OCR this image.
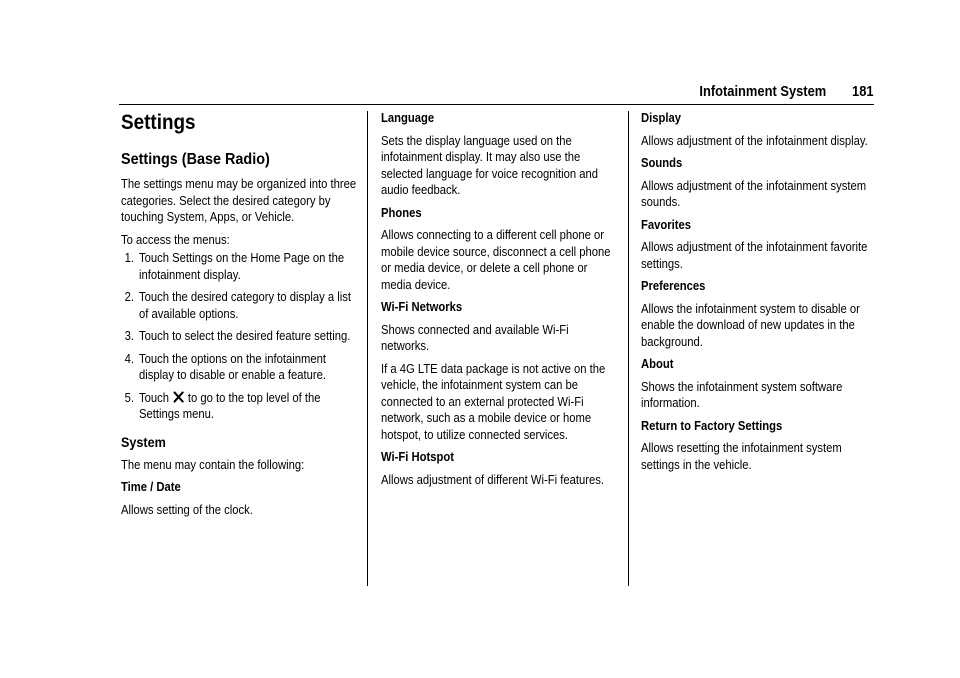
Infotainment System 181
Settings
Settings (Base Radio)

The settings menu may be organized into three categories. Select the desired category by touching System, Apps, or Vehicle.

To access the menus:

1. Touch Settings on the Home Page on the infotainment display.
2. Touch the desired category to display a list of available options.
3. Touch to select the desired feature setting.
4. Touch the options on the infotainment display to disable or enable a feature.
5. Touch  to go to the top level of the Settings menu.
System

The menu may contain the following:

Time / Date

Allows setting of the clock.

Language

Sets the display language used on the infotainment display. It may also use the selected language for voice recognition and audio feedback.

Phones

Allows connecting to a different cell phone or mobile device source, disconnect a cell phone or media device, or delete a cell phone or media device.

Wi-Fi Networks

Shows connected and available Wi-Fi networks.

If a 4G LTE data package is not active on the vehicle, the infotainment system can be connected to an external protected Wi-Fi network, such as a mobile device or home hotspot, to utilize connected services.

Wi-Fi Hotspot

Allows adjustment of different Wi-Fi features.

Display

Allows adjustment of the infotainment display.

Sounds

Allows adjustment of the infotainment system sounds.

Favorites

Allows adjustment of the infotainment favorite settings.

Preferences

Allows the infotainment system to disable or enable the download of new updates in the background.

About

Shows the infotainment system software information.

Return to Factory Settings

Allows resetting the infotainment system settings in the vehicle.
